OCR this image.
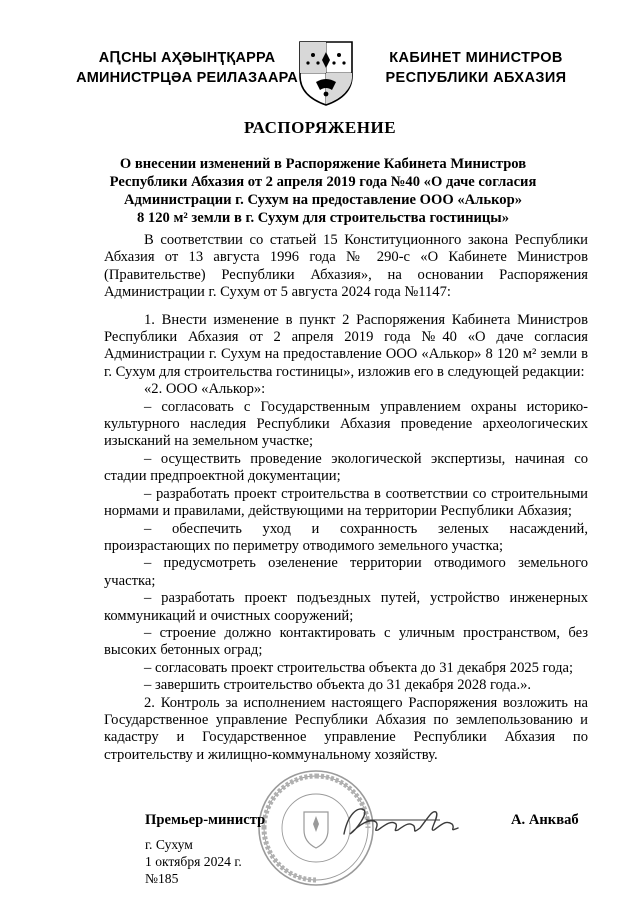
АԤСНЫ АҲӘЫНҬҚАРРА
АМИНИСТРЦӘА РЕИЛАЗААРА
КАБИНЕТ МИНИСТРОВ
РЕСПУБЛИКИ АБХАЗИЯ
РАСПОРЯЖЕНИЕ
О внесении изменений в Распоряжение Кабинета Министров
Республики Абхазия от 2 апреля 2019 года №40 «О даче согласия
Администрации г. Сухум на предоставление ООО «Алькор»
8 120 м² земли в г. Сухум для строительства гостиницы»

В соответствии со статьей 15 Конституционного закона Республики Абхазия от 13 августа 1996 года № 290-с «О Кабинете Министров (Правительстве) Республики Абхазия», на основании Распоряжения Администрации г. Сухум от 5 августа 2024 года №1147:

1. Внести изменение в пункт 2 Распоряжения Кабинета Министров Республики Абхазия от 2 апреля 2019 года №40 «О даче согласия Администрации г. Сухум на предоставление ООО «Алькор» 8 120 м² земли в г. Сухум для строительства гостиницы», изложив его в следующей редакции:

«2. ООО «Алькор»:

– согласовать с Государственным управлением охраны историко-культурного наследия Республики Абхазия проведение археологических изысканий на земельном участке;

– осуществить проведение экологической экспертизы, начиная со стадии предпроектной документации;

– разработать проект строительства в соответствии со строительными нормами и правилами, действующими на территории Республики Абхазия;

– обеспечить уход и сохранность зеленых насаждений, произрастающих по периметру отводимого земельного участка;

– предусмотреть озеленение территории отводимого земельного участка;

– разработать проект подъездных путей, устройство инженерных коммуникаций и очистных сооружений;

– строение должно контактировать с уличным пространством, без высоких бетонных оград;

– согласовать проект строительства объекта до 31 декабря 2025 года;

– завершить строительство объекта до 31 декабря 2028 года.».

2. Контроль за исполнением настоящего Распоряжения возложить на Государственное управление Республики Абхазия по землепользованию и кадастру и Государственное управление Республики Абхазия по строительству и жилищно-коммунальному хозяйству.

Премьер-министр	А. Анкваб
г. Сухум
1 октября 2024 г.
№185
